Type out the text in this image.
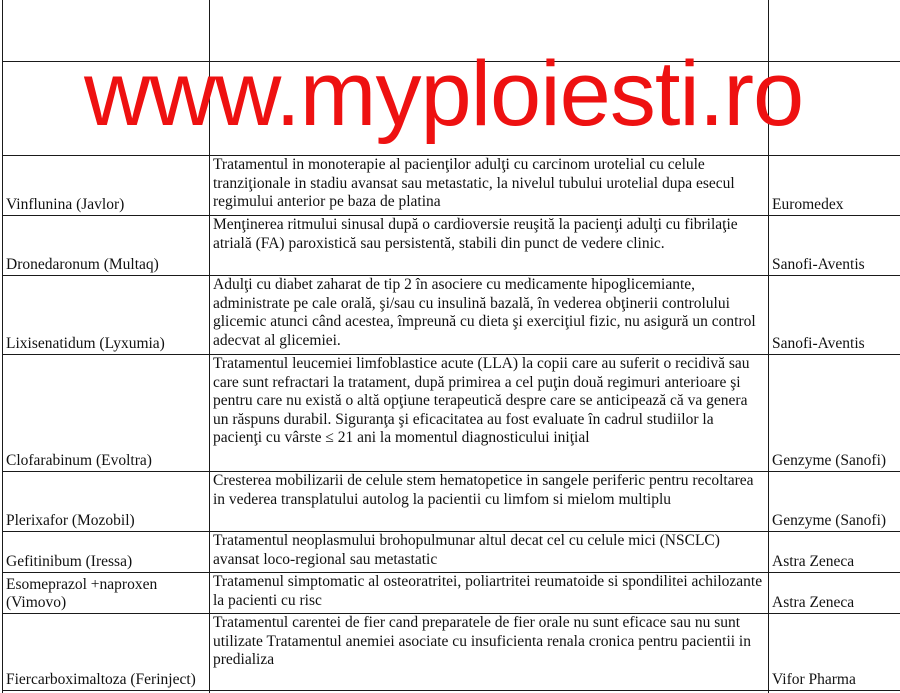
Vinflunina (Javlor)	Tratamentul in monoterapie al pacienţilor adulţi cu carcinom urotelial cu celule tranziţionale in stadiu avansat sau metastatic, la nivelul tubului urotelial dupa esecul regimului anterior pe baza de platina	Euromedex	
Dronedaronum (Multaq)	Menţinerea ritmului sinusal după o cardioversie reuşită la pacienţi adulţi cu fibrilaţie atrială (FA) paroxistică sau persistentă, stabili din punct de vedere clinic.	Sanofi-Aventis	
Lixisenatidum (Lyxumia)	Adulţi cu diabet zaharat de tip 2 în asociere cu medicamente hipoglicemiante, administrate pe cale orală, şi/sau cu insulină bazală, în vederea obţinerii controlului glicemic atunci când acestea, împreună cu dieta şi exerciţiul fizic, nu asigură un control adecvat al glicemiei.	Sanofi-Aventis	
Clofarabinum (Evoltra)	Tratamentul leucemiei limfoblastice acute (LLA) la copii care au suferit o recidivă sau care sunt refractari la tratament, după primirea a cel puţin două regimuri anterioare şi pentru care nu există o altă opţiune terapeutică despre care se anticipează că va genera un răspuns durabil. Siguranţa şi eficacitatea au fost evaluate în cadrul studiilor la pacienţi cu vârste ≤ 21 ani la momentul diagnosticului iniţial	Genzyme (Sanofi)	
Plerixafor (Mozobil)	Cresterea mobilizarii de celule stem hematopetice in sangele periferic pentru recoltarea in vederea transplatului autolog la pacientii cu limfom si mielom multiplu	Genzyme (Sanofi)	
Gefitinibum (Iressa)	Tratamentul neoplasmului brohopulmunar altul decat cel cu celule mici (NSCLC) avansat loco-regional sau metastatic	Astra Zeneca	
Esomeprazol +naproxen (Vimovo)	Tratamenul simptomatic al osteoratritei, poliartritei reumatoide si spondilitei achilozante la pacienti cu risc	Astra Zeneca	
Fiercarboximaltoza (Ferinject)	Tratamentul carentei de fier cand preparatele de fier orale nu sunt eficace sau nu sunt utilizate Tratamentul anemiei asociate cu insuficienta renala cronica pentru pacientii in predializa	Vifor Pharma	

www.myploiesti.ro
